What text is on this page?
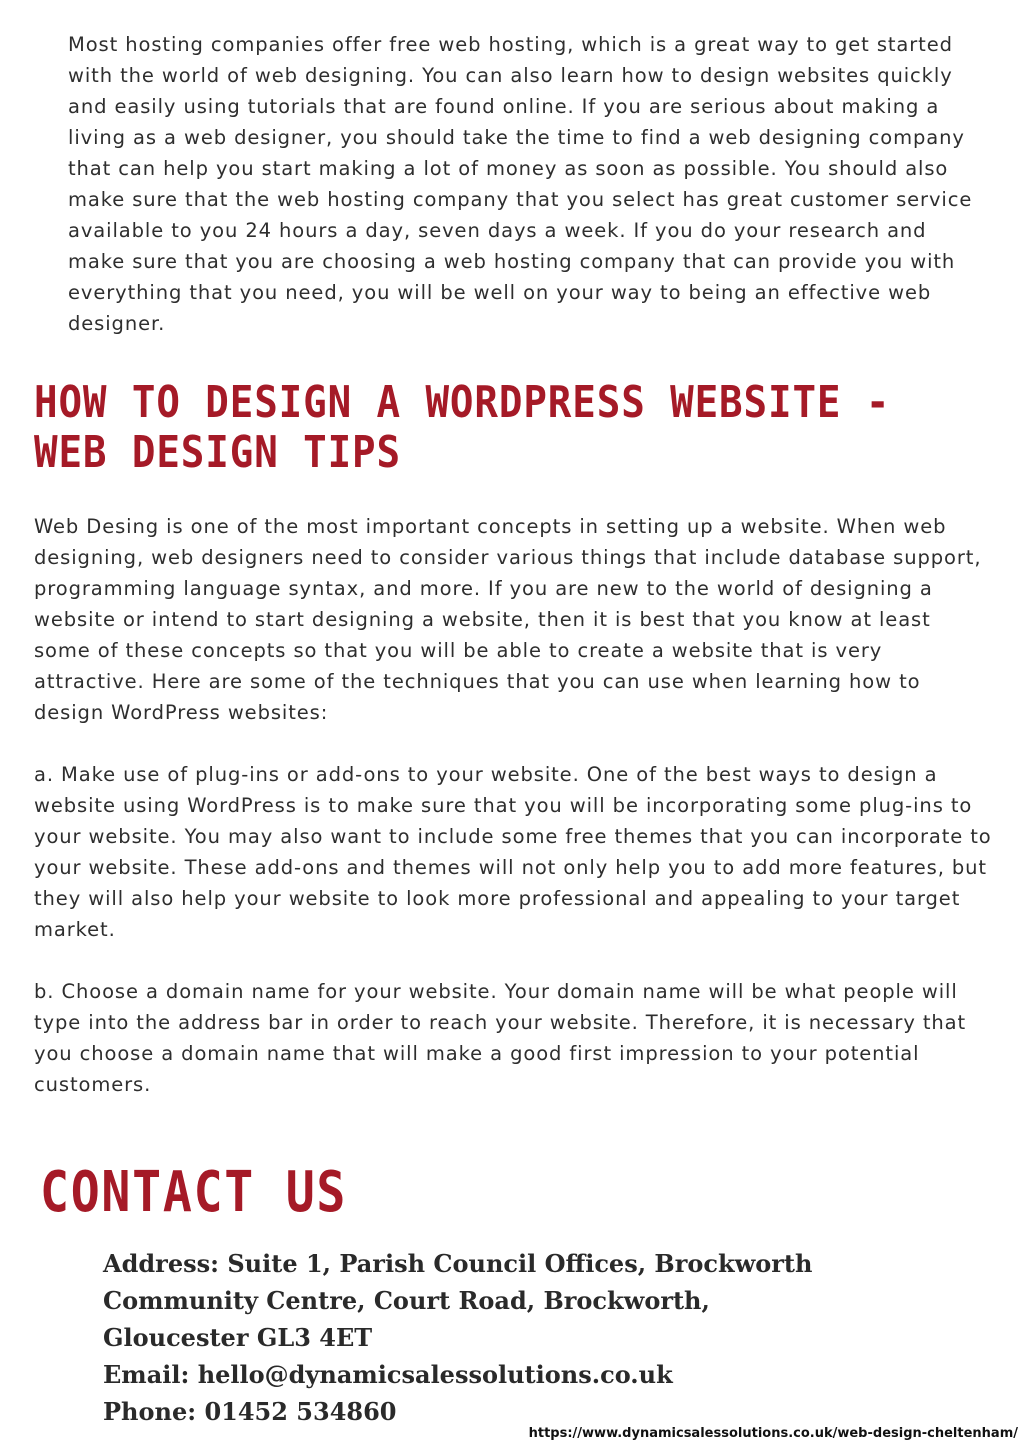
Most hosting companies offer free web hosting, which is a great way to get started with the world of web designing. You can also learn how to design websites quickly and easily using tutorials that are found online. If you are serious about making a living as a web designer, you should take the time to find a web designing company that can help you start making a lot of money as soon as possible. You should also make sure that the web hosting company that you select has great customer service available to you 24 hours a day, seven days a week. If you do your research and make sure that you are choosing a web hosting company that can provide you with everything that you need, you will be well on your way to being an effective web designer.

HOW TO DESIGN A WORDPRESS WEBSITE - WEB DESIGN TIPS

Web Desing is one of the most important concepts in setting up a website. When web designing, web designers need to consider various things that include database support, programming language syntax, and more. If you are new to the world of designing a website or intend to start designing a website, then it is best that you know at least some of these concepts so that you will be able to create a website that is very attractive. Here are some of the techniques that you can use when learning how to design WordPress websites:

a. Make use of plug-ins or add-ons to your website. One of the best ways to design a website using WordPress is to make sure that you will be incorporating some plug-ins to your website. You may also want to include some free themes that you can incorporate to your website. These add-ons and themes will not only help you to add more features, but they will also help your website to look more professional and appealing to your target market.

b. Choose a domain name for your website. Your domain name will be what people will type into the address bar in order to reach your website. Therefore, it is necessary that you choose a domain name that will make a good first impression to your potential customers.

CONTACT US
Address: Suite 1, Parish Council Offices, Brockworth
Community Centre, Court Road, Brockworth,
Gloucester GL3 4ET
Email: hello@dynamicsalessolutions.co.uk
Phone: 01452 534860
https://www.dynamicsalessolutions.co.uk/web-design-cheltenham/
